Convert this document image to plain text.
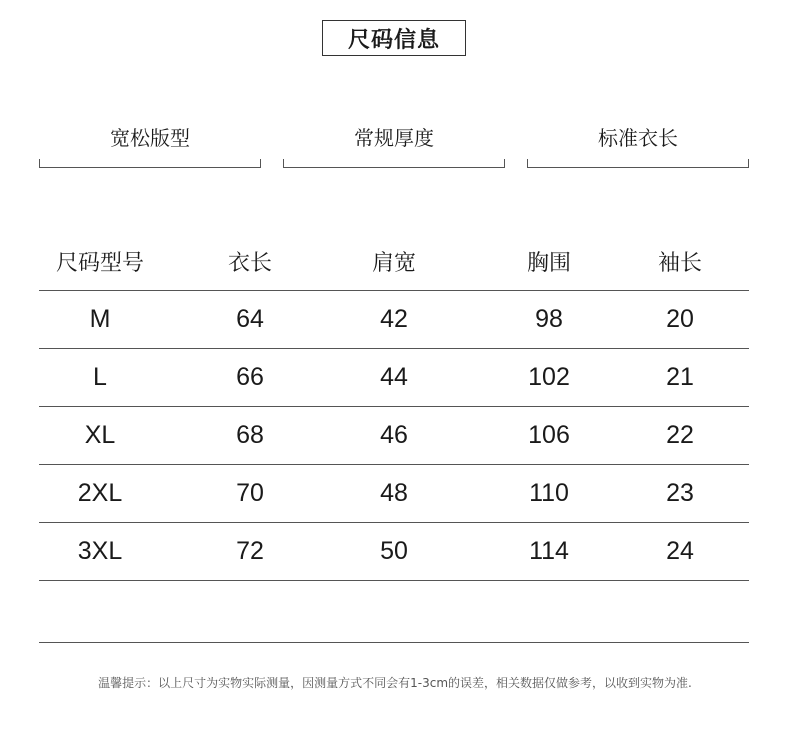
尺码信息
宽松版型	常规厚度	标准衣长
尺码型号	衣长	肩宽	胸围	袖长
M	64	42	98	20
L	66	44	102	21
XL	68	46	106	22
2XL	70	48	110	23
3XL	72	50	114	24
温馨提示：以上尺寸为实物实际测量，因测量方式不同会有1-3cm的误差，相关数据仅做参考，以收到实物为准.
